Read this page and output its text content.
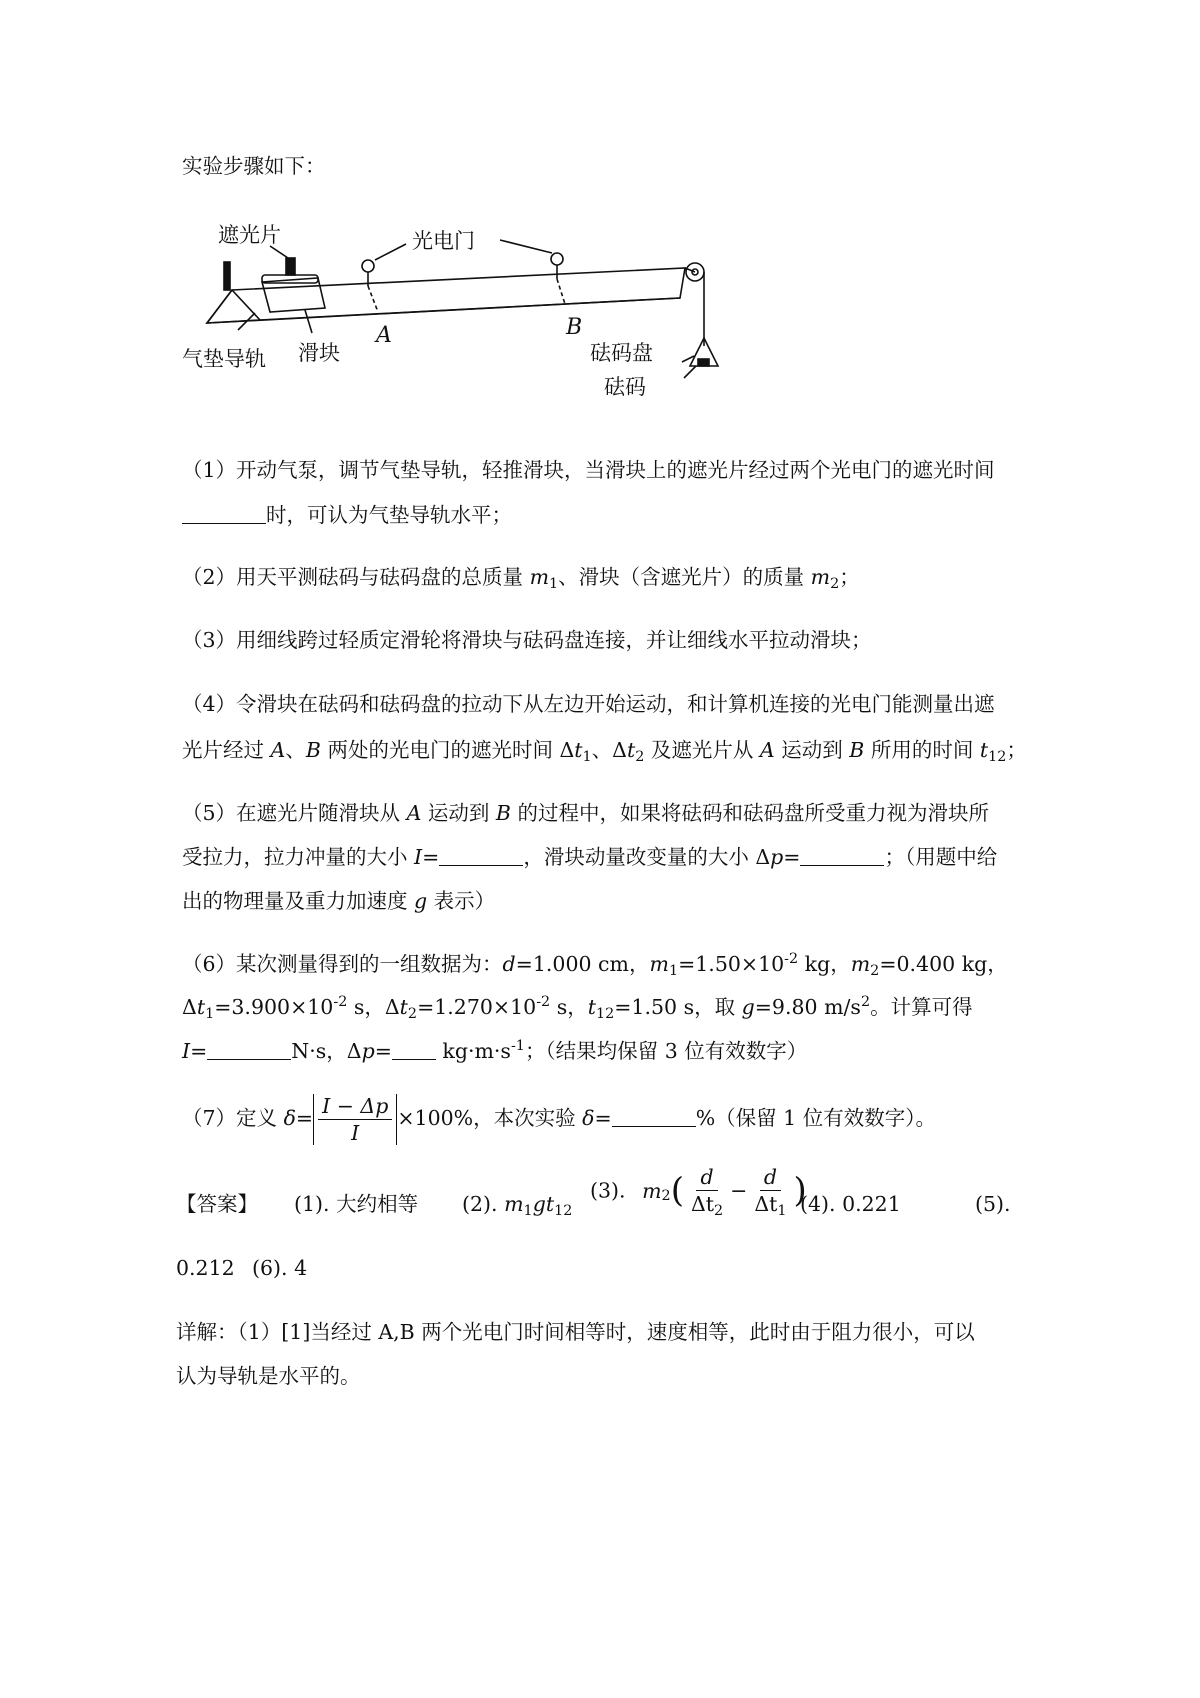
实验步骤如下：
遮光片	光电门
气垫导轨 滑块	砝码盘
砝码
A	B
（1）开动气泵，调节气垫导轨，轻推滑块，当滑块上的遮光片经过两个光电门的遮光时间
时，可认为气垫导轨水平；
（2）用天平测砝码与砝码盘的总质量 $m_1$、滑块（含遮光片）的质量 $m_2$；
（3）用细线跨过轻质定滑轮将滑块与砝码盘连接，并让细线水平拉动滑块；
（4）令滑块在砝码和砝码盘的拉动下从左边开始运动，和计算机连接的光电门能测量出遮
光片经过 A、B 两处的光电门的遮光时间 $\Delta t_1$、$\Delta t_2$ 及遮光片从 A 运动到 B 所用的时间 $t_{12}$；
（5）在遮光片随滑块从 A 运动到 B 的过程中，如果将砝码和砝码盘所受重力视为滑块所
受拉力，拉力冲量的大小 I=	，滑块动量改变量的大小 Δp=	；（用题中给
出的物理量及重力加速度 g 表示）
（6）某次测量得到的一组数据为：d=1.000 cm，$m_1=1.50\times 10^{-2}$ kg，$m_2=0.400$ kg，
$\Delta t_1=3.900\times 10^{-2}$ s，$\Delta t_2=1.270\times 10^{-2}$ s，$t_{12}=1.50$ s，取 g=9.80 $m/s^2$。计算可得
I=	N·s，$\Delta p= kg\cdot m\cdot s^{-1}$；（结果均保留 3 位有效数字）
（7）定义 $\delta= \frac{I - \Delta p}{I} \times 100\%$，本次实验 δ=	%（保留 1 位有效数字）。
【答案】 (1). 大约相等 (2). $m_1gt_{12}$
(3). $m_2( \frac{d}{\Delta t_2} - \frac{d}{\Delta t_1}$ )
(4). 0.221	(5).
0.212 (6). 4
详解：（1）[1]当经过 A,B 两个光电门时间相等时，速度相等，此时由于阻力很小，可以
认为导轨是水平的。
